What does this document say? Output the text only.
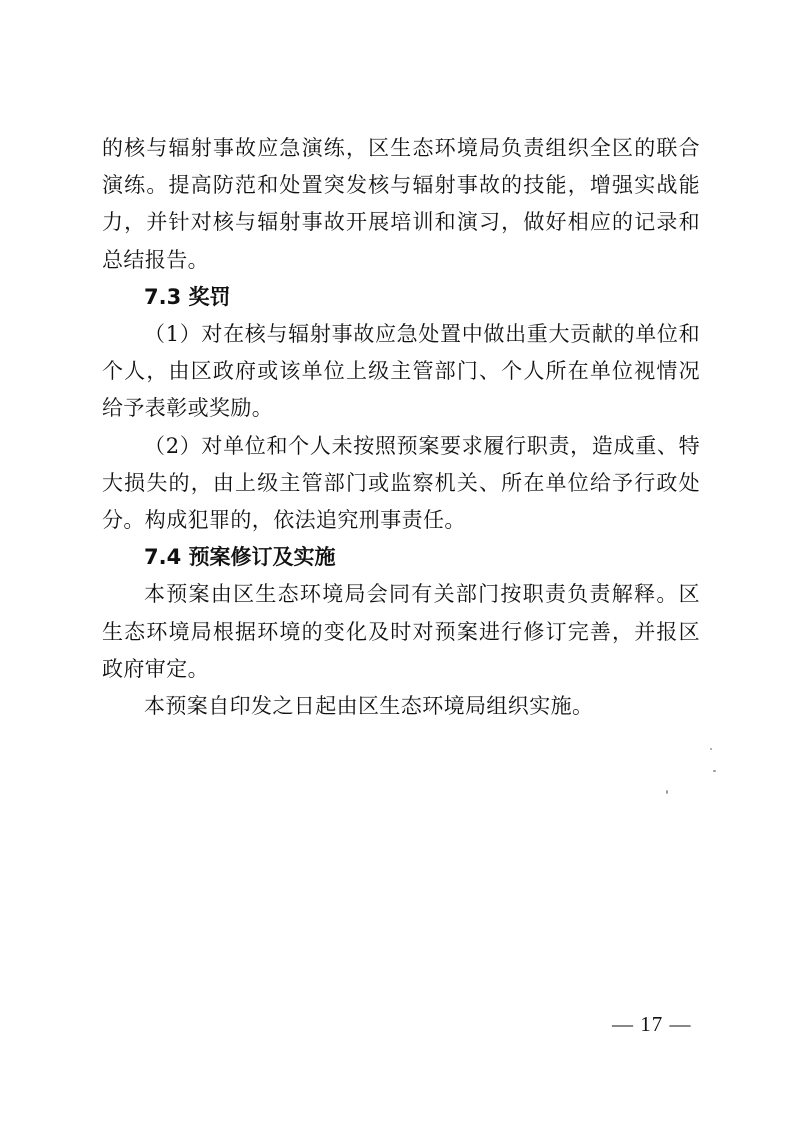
的核与辐射事故应急演练，区生态环境局负责组织全区的联合演练。提高防范和处置突发核与辐射事故的技能，增强实战能力，并针对核与辐射事故开展培训和演习，做好相应的记录和总结报告。

7.3 奖罚

（1）对在核与辐射事故应急处置中做出重大贡献的单位和个人，由区政府或该单位上级主管部门、个人所在单位视情况给予表彰或奖励。

（2）对单位和个人未按照预案要求履行职责，造成重、特大损失的，由上级主管部门或监察机关、所在单位给予行政处分。构成犯罪的，依法追究刑事责任。

7.4 预案修订及实施

本预案由区生态环境局会同有关部门按职责负责解释。区生态环境局根据环境的变化及时对预案进行修订完善，并报区政府审定。

本预案自印发之日起由区生态环境局组织实施。

— 17 —
